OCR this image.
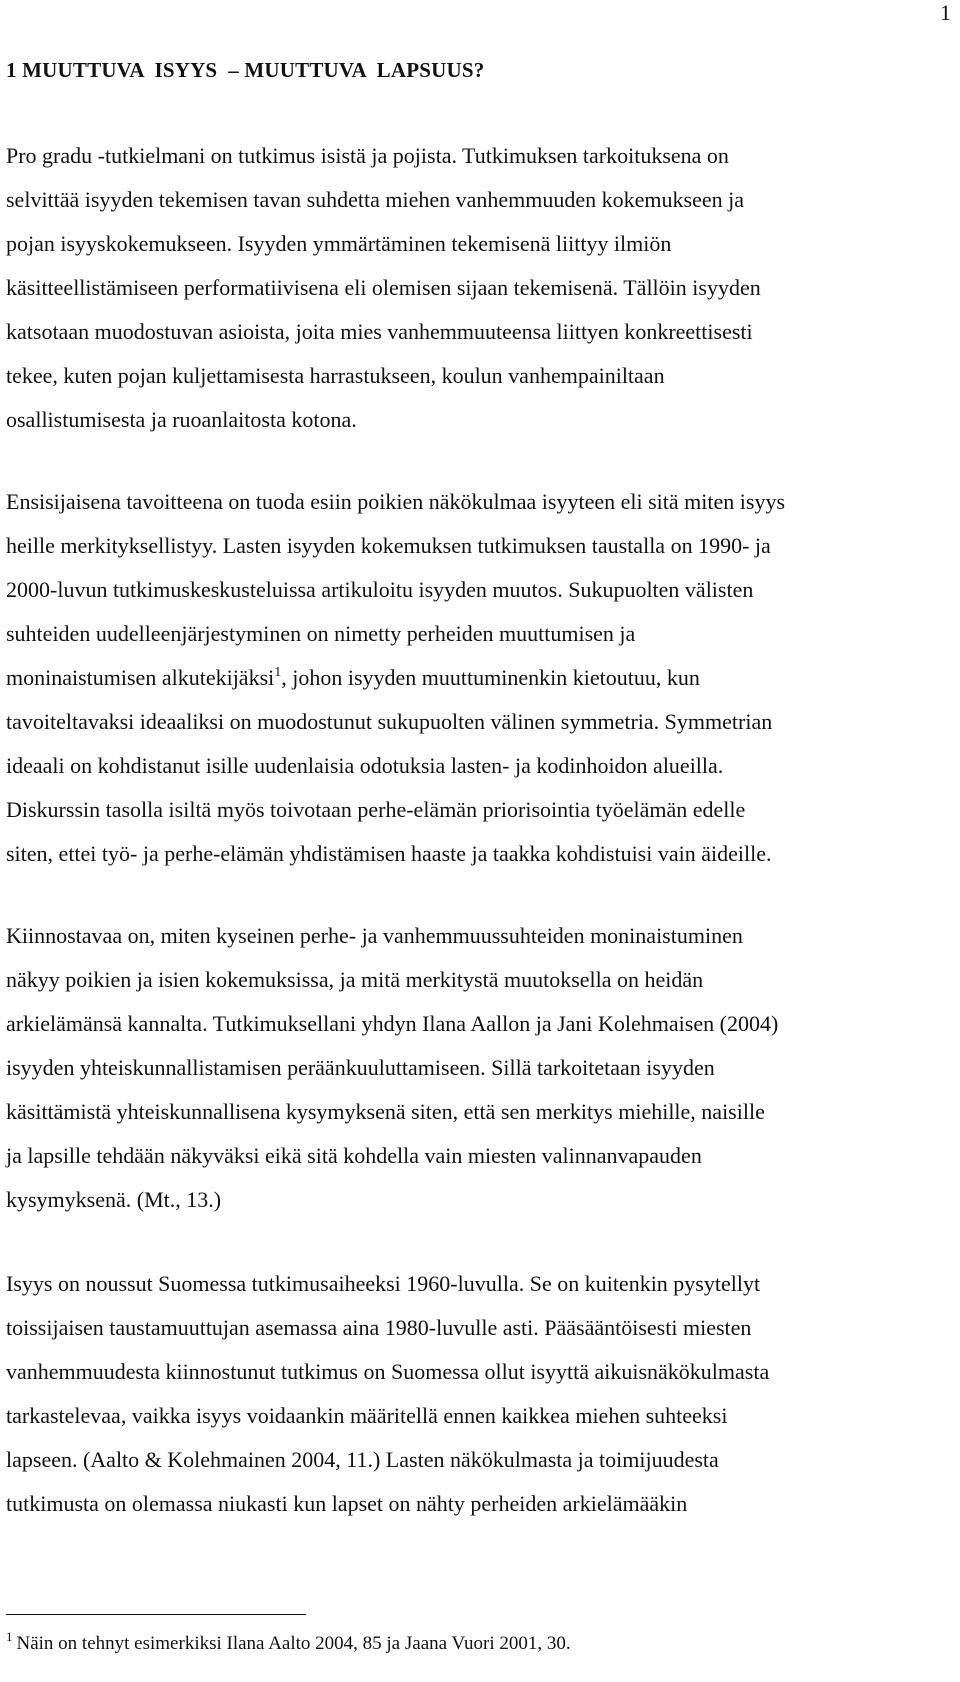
1
1 MUUTTUVA  ISYYS  – MUUTTUVA  LAPSUUS?
Pro gradu -tutkielmani on tutkimus isistä ja pojista. Tutkimuksen tarkoituksena on
selvittää isyyden tekemisen tavan suhdetta miehen vanhemmuuden kokemukseen ja
pojan isyyskokemukseen. Isyyden ymmärtäminen tekemisenä liittyy ilmiön
käsitteellistämiseen performatiivisena eli olemisen sijaan tekemisenä. Tällöin isyyden
katsotaan muodostuvan asioista, joita mies vanhemmuuteensa liittyen konkreettisesti
tekee, kuten pojan kuljettamisesta harrastukseen, koulun vanhempainiltaan
osallistumisesta ja ruoanlaitosta kotona.
Ensisijaisena tavoitteena on tuoda esiin poikien näkökulmaa isyyteen eli sitä miten isyys
heille merkityksellistyy. Lasten isyyden kokemuksen tutkimuksen taustalla on 1990- ja
2000-luvun tutkimuskeskusteluissa artikuloitu isyyden muutos. Sukupuolten välisten
suhteiden uudelleenjärjestyminen on nimetty perheiden muuttumisen ja
moninaistumisen alkutekijäksi$^1$, johon isyyden muuttuminenkin kietoutuu, kun
tavoiteltavaksi ideaaliksi on muodostunut sukupuolten välinen symmetria. Symmetrian
ideaali on kohdistanut isille uudenlaisia odotuksia lasten- ja kodinhoidon alueilla.
Diskurssin tasolla isiltä myös toivotaan perhe-elämän priorisointia työelämän edelle
siten, ettei työ- ja perhe-elämän yhdistämisen haaste ja taakka kohdistuisi vain äideille.
Kiinnostavaa on, miten kyseinen perhe- ja vanhemmuussuhteiden moninaistuminen
näkyy poikien ja isien kokemuksissa, ja mitä merkitystä muutoksella on heidän
arkielämänsä kannalta. Tutkimuksellani yhdyn Ilana Aallon ja Jani Kolehmaisen (2004)
isyyden yhteiskunnallistamisen peräänkuuluttamiseen. Sillä tarkoitetaan isyyden
käsittämistä yhteiskunnallisena kysymyksenä siten, että sen merkitys miehille, naisille
ja lapsille tehdään näkyväksi eikä sitä kohdella vain miesten valinnanvapauden
kysymyksenä. (Mt., 13.)
Isyys on noussut Suomessa tutkimusaiheeksi 1960-luvulla. Se on kuitenkin pysytellyt
toissijaisen taustamuuttujan asemassa aina 1980-luvulle asti. Pääsääntöisesti miesten
vanhemmuudesta kiinnostunut tutkimus on Suomessa ollut isyyttä aikuisnäkökulmasta
tarkastelevaa, vaikka isyys voidaankin määritellä ennen kaikkea miehen suhteeksi
lapseen. (Aalto & Kolehmainen 2004, 11.) Lasten näkökulmasta ja toimijuudesta
tutkimusta on olemassa niukasti kun lapset on nähty perheiden arkielämääkin
$^1$ Näin on tehnyt esimerkiksi Ilana Aalto 2004, 85 ja Jaana Vuori 2001, 30.
